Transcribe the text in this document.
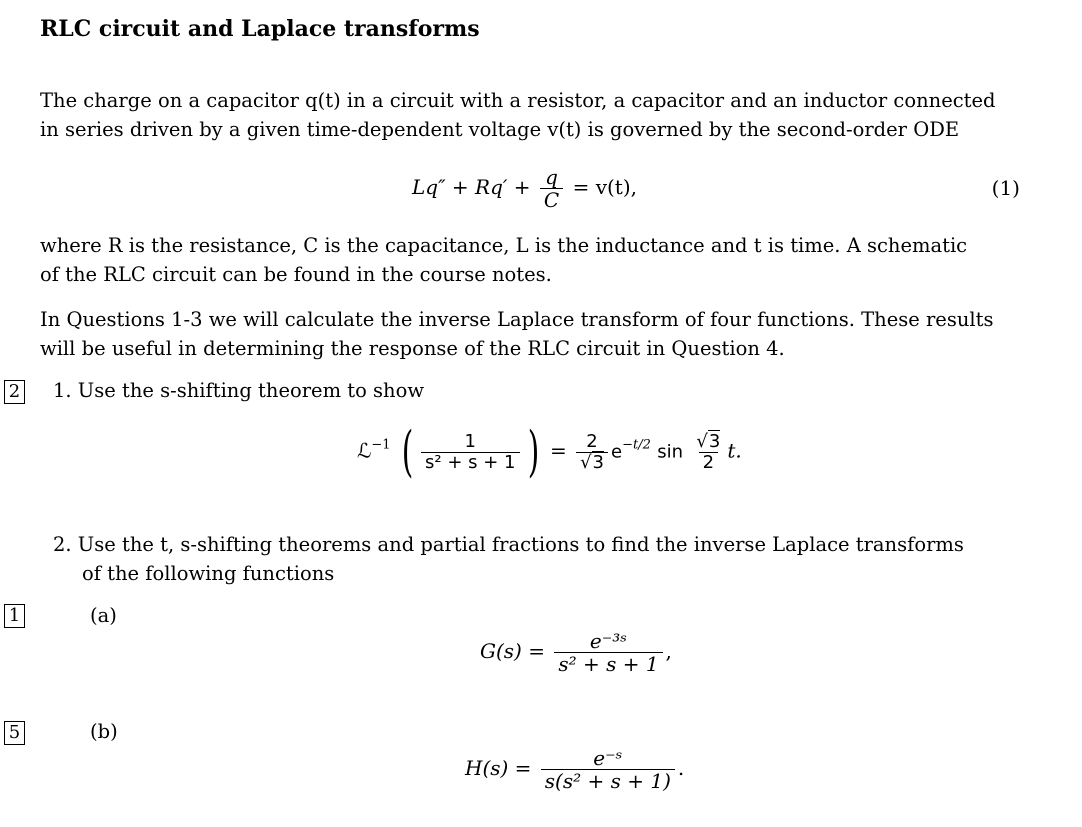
RLC circuit and Laplace transforms
The charge on a capacitor q(t) in a circuit with a resistor, a capacitor and an inductor connected
in series driven by a given time-dependent voltage v(t) is governed by the second-order ODE
$Lq'' + Rq' + \frac{q}{C} = v(t)$,	(1)
where R is the resistance, C is the capacitance, L is the inductance and t is time. A schematic
of the RLC circuit can be found in the course notes.
In Questions 1-3 we will calculate the inverse Laplace transform of four functions. These results
will be useful in determining the response of the RLC circuit in Question 4.
2 1. Use the s-shifting theorem to show
ℒ$^{-1}$ ( $\frac{1}{\text{s² + s + 1}}$ ) = $\frac{2}{√3} e^{-t/2}$ $\sin \frac{√3}{2} t$.
2. Use the t, s-shifting theorems and partial fractions to find the inverse Laplace transforms
of the following functions
1	(a)
$G(s) = \frac{\text{e⁻³ˢ}}{\text{s² + s + 1}}$ ,
5	(b)
$H(s) = \frac{\text{e⁻ˢ}}{\text{s(s² + s + 1)}}$ .
